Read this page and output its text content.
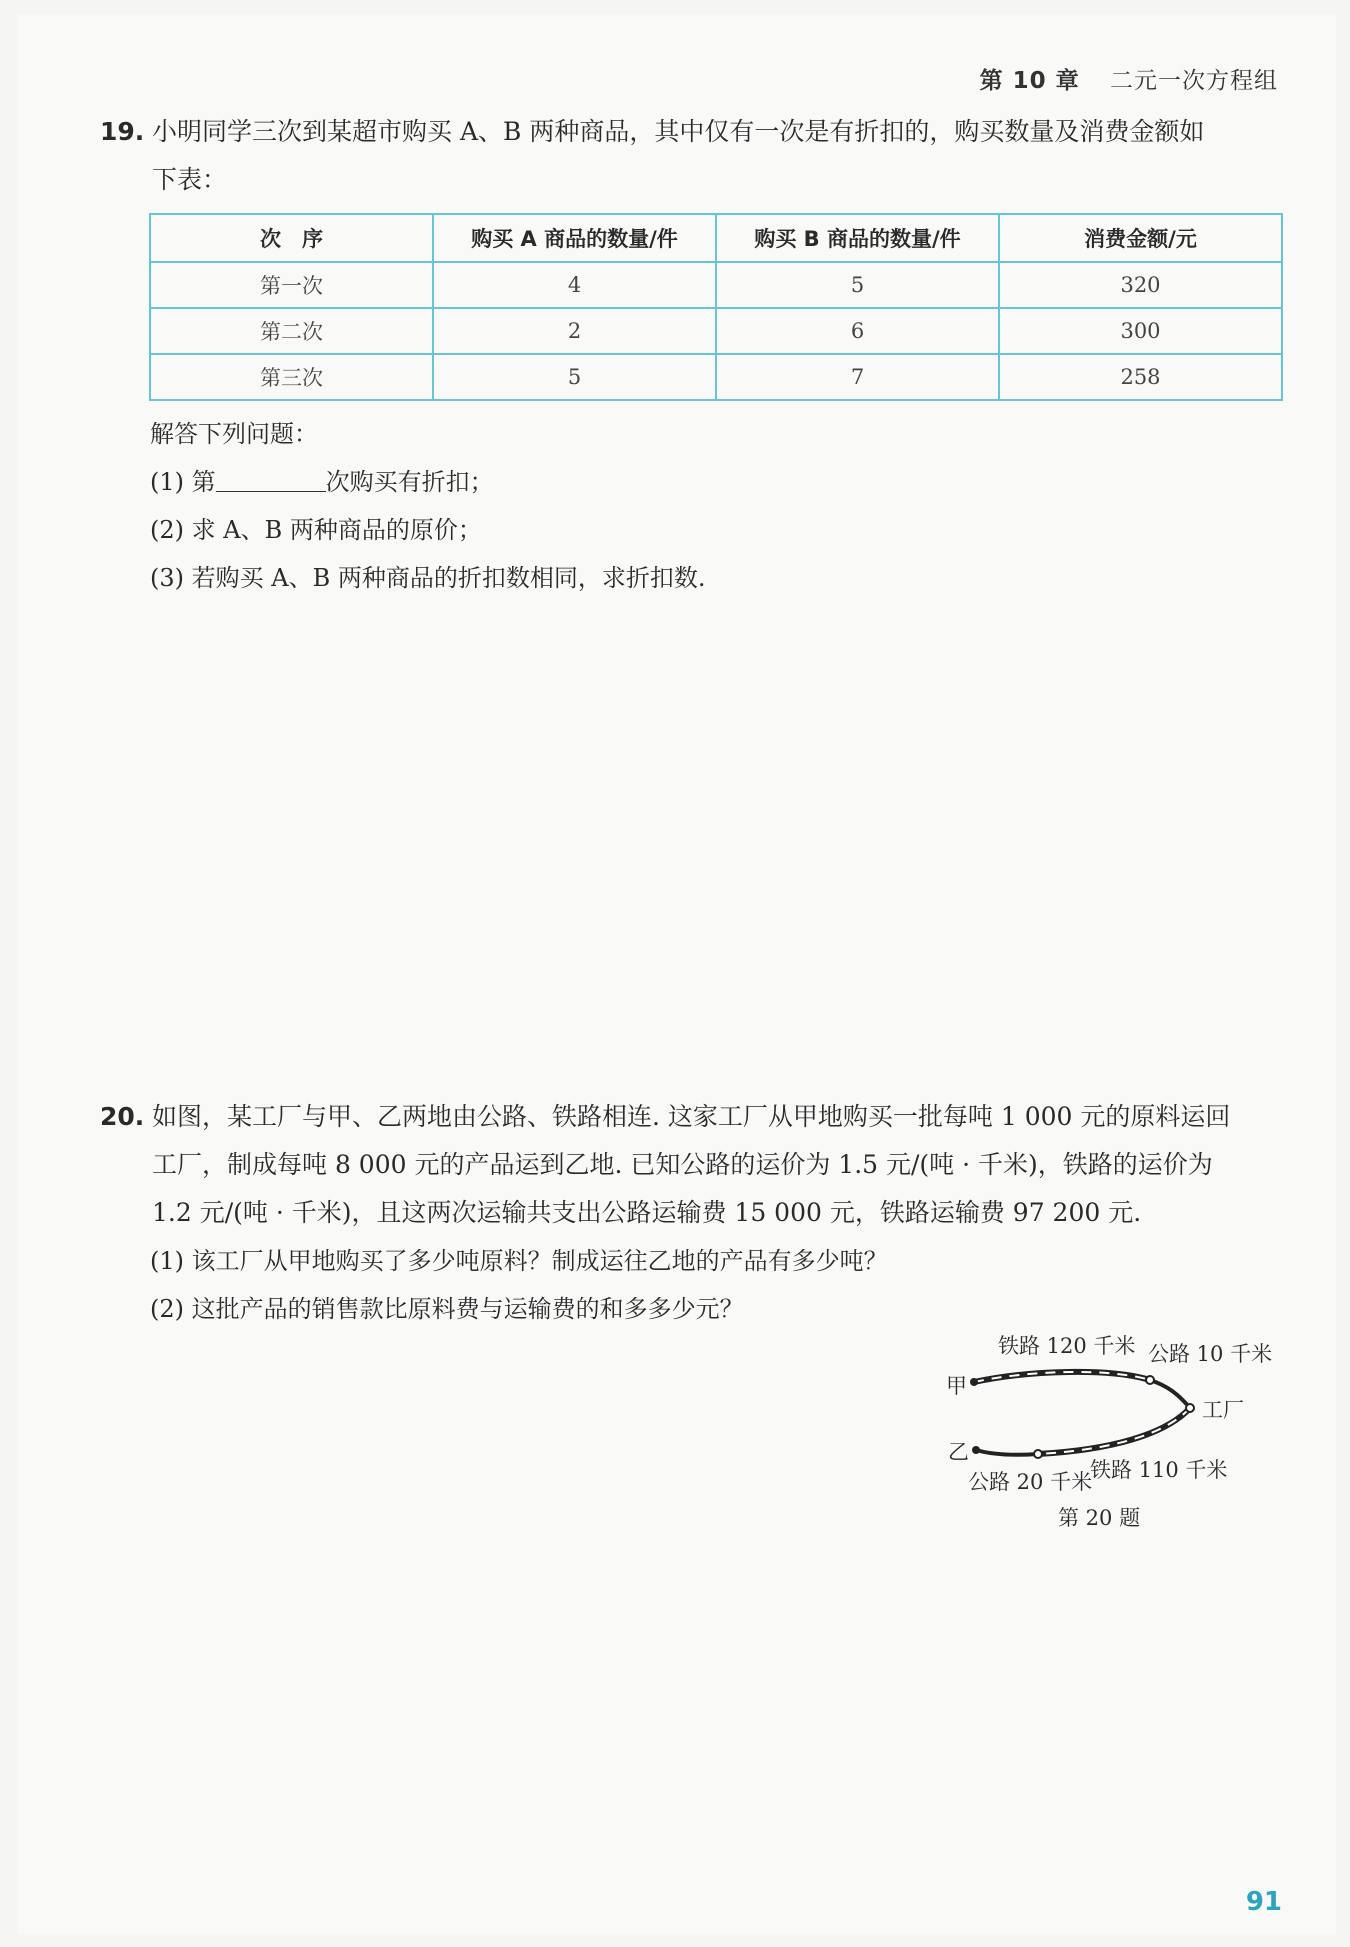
第 10 章 二元一次方程组
19. 小明同学三次到某超市购买 A、B 两种商品，其中仅有一次是有折扣的，购买数量及消费金额如
下表：
次　序	购买 A 商品的数量/件	购买 B 商品的数量/件	消费金额/元
第一次	4	5	320
第二次	2	6	300
第三次	5	7	258
解答下列问题：
(1) 第	次购买有折扣；
(2) 求 A、B 两种商品的原价；
(3) 若购买 A、B 两种商品的折扣数相同，求折扣数.
20. 如图，某工厂与甲、乙两地由公路、铁路相连. 这家工厂从甲地购买一批每吨 1 000 元的原料运回
工厂，制成每吨 8 000 元的产品运到乙地. 已知公路的运价为 1.5 元/(吨 · 千米)，铁路的运价为
1.2 元/(吨 · 千米)，且这两次运输共支出公路运输费 15 000 元，铁路运输费 97 200 元.
(1) 该工厂从甲地购买了多少吨原料？制成运往乙地的产品有多少吨？
(2) 这批产品的销售款比原料费与运输费的和多多少元？
铁路 120 千米 公路 10 千米
甲
工厂
乙
公路 20 千米
铁路 110 千米
第 20 题
91
